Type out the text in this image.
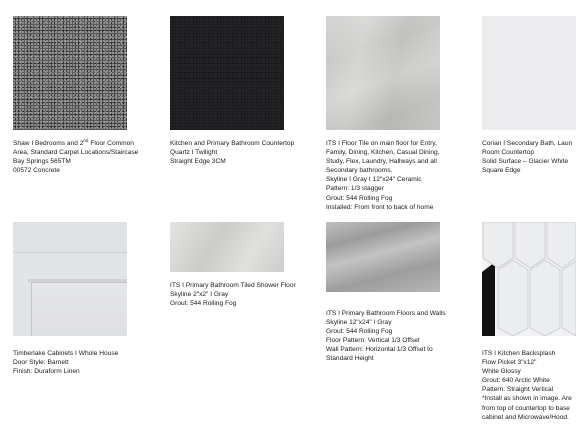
Shaw I Bedrooms and 2nd Floor Common
Area, Standard Carpet Locations/Staircase
Bay Springs 565TM
00572 Concrete
Kitchen and Primary Bathroom Countertop
Quartz I Twilight
Straight Edge 3CM
ITS I Floor Tile on main floor for Entry,
Family, Dining, Kitchen, Casual Dining,
Study, Flex, Laundry, Hallways and all
Secondary bathrooms.
Skyline I Gray I 12"x24" Ceramic
Pattern: 1/3 stagger
Grout: 544 Rolling Fog
Installed: From front to back of home
Corian I Secondary Bath, Laun
Room Countertop
Solid Surface – Glacier White
Square Edge
Timberlake Cabinets I Whole House
Door Style: Barnett
Finish: Duraform Linen
ITS I Primary Bathroom Tiled Shower Floor
Skyline 2"x2" I Gray
Grout: 544 Rolling Fog
ITS I Primary Bathroom Floors and Walls
Skyline 12"x24" I Gray
Grout: 544 Rolling Fog
Floor Pattern: Vertical 1/3 Offset
Wall Pattern: Horizontal 1/3 Offset to
Standard Height
ITS I Kitchen Backsplash
Flow Picket 3"x12"
White Glossy
Grout: 640 Arctic White
Pattern: Straight Vertical
*Install as shown in image. Are
from top of countertop to base
cabinet and Microwave/Hood.
